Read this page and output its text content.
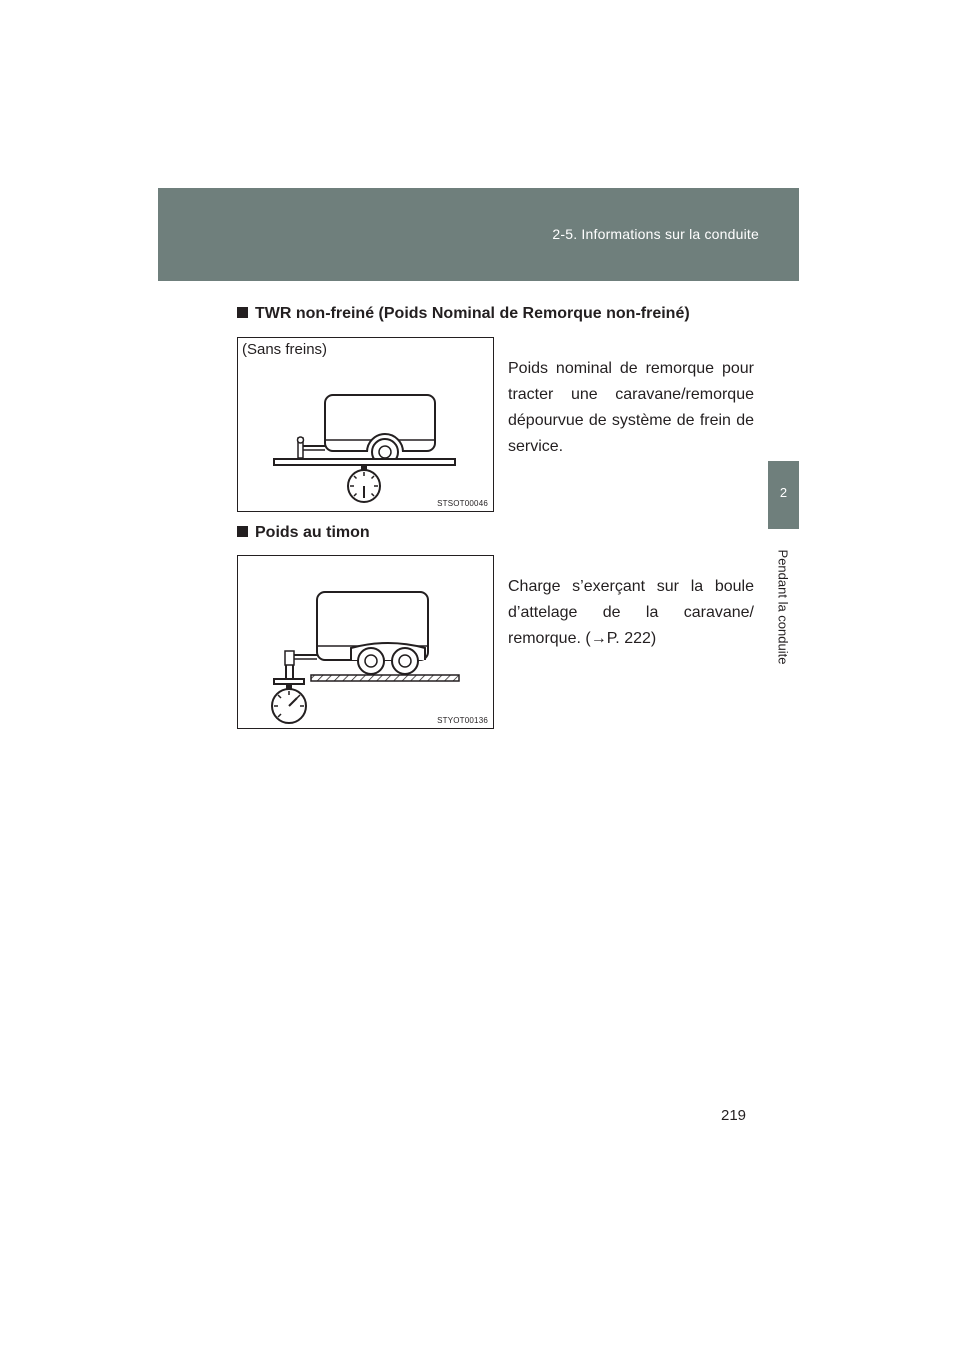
2-5. Informations sur la conduite
2
Pendant la conduite
TWR non-freiné (Poids Nominal de Remorque non-freiné)
(Sans freins)
STSOT00046
Poids nominal de remorque pour tracter une caravane/remorque dépourvue de système de frein de service.
Poids au timon
STYOT00136
Charge s’exerçant sur la boule d’attelage de la caravane/ remorque. (→P. 222)
219
